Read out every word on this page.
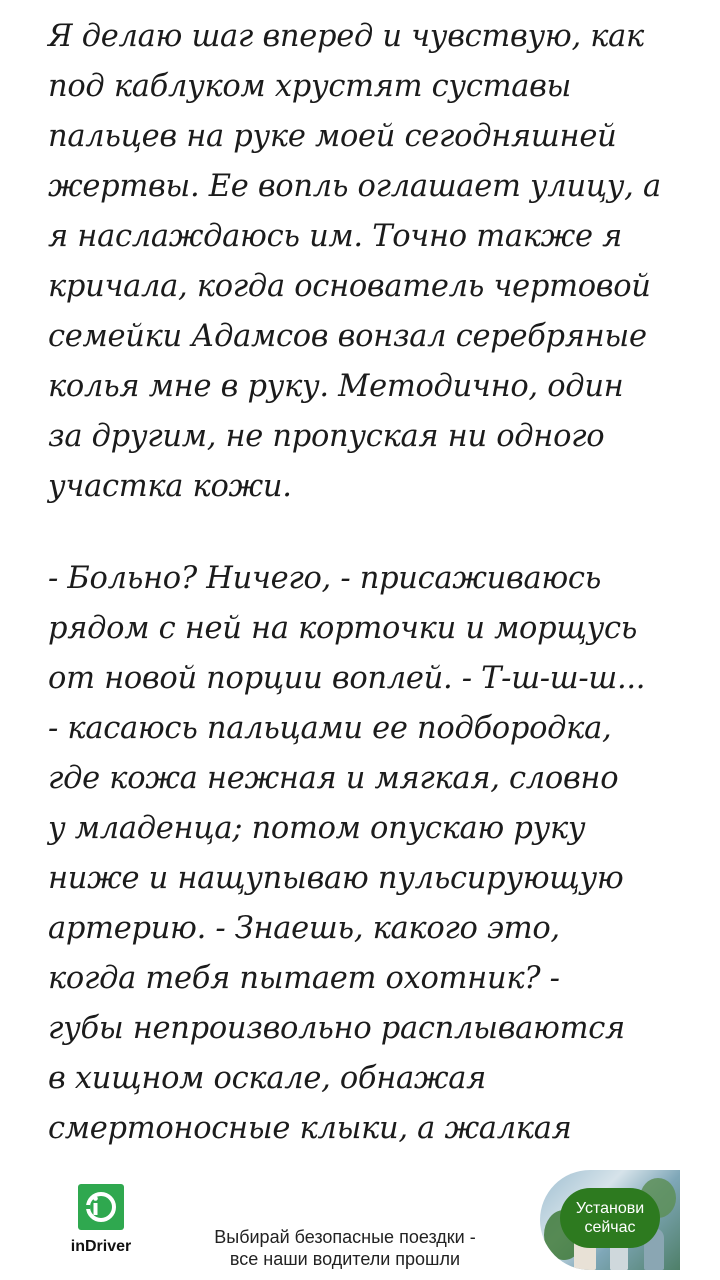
Я делаю шаг вперед и чувствую, как
под каблуком хрустят суставы
пальцев на руке моей сегодняшней
жертвы. Ее вопль оглашает улицу, а
я наслаждаюсь им. Точно также я
кричала, когда основатель чертовой
семейки Адамсов вонзал серебряные
колья мне в руку. Методично, один
за другим, не пропуская ни одного
участка кожи.
- Больно? Ничего, - присаживаюсь
рядом с ней на корточки и морщусь
от новой порции воплей. - Т-ш-ш-ш...
- касаюсь пальцами ее подбородка,
где кожа нежная и мягкая, словно
у младенца; потом опускаю руку
ниже и нащупываю пульсирующую
артерию. - Знаешь, какого это,
когда тебя пытает охотник? -
губы непроизвольно расплываются
в хищном оскале, обнажая
смертоносные клыки, а жалкая
inDriver	Выбирай безопасные поездки -
все наши водители прошли
Установи
сейчас
